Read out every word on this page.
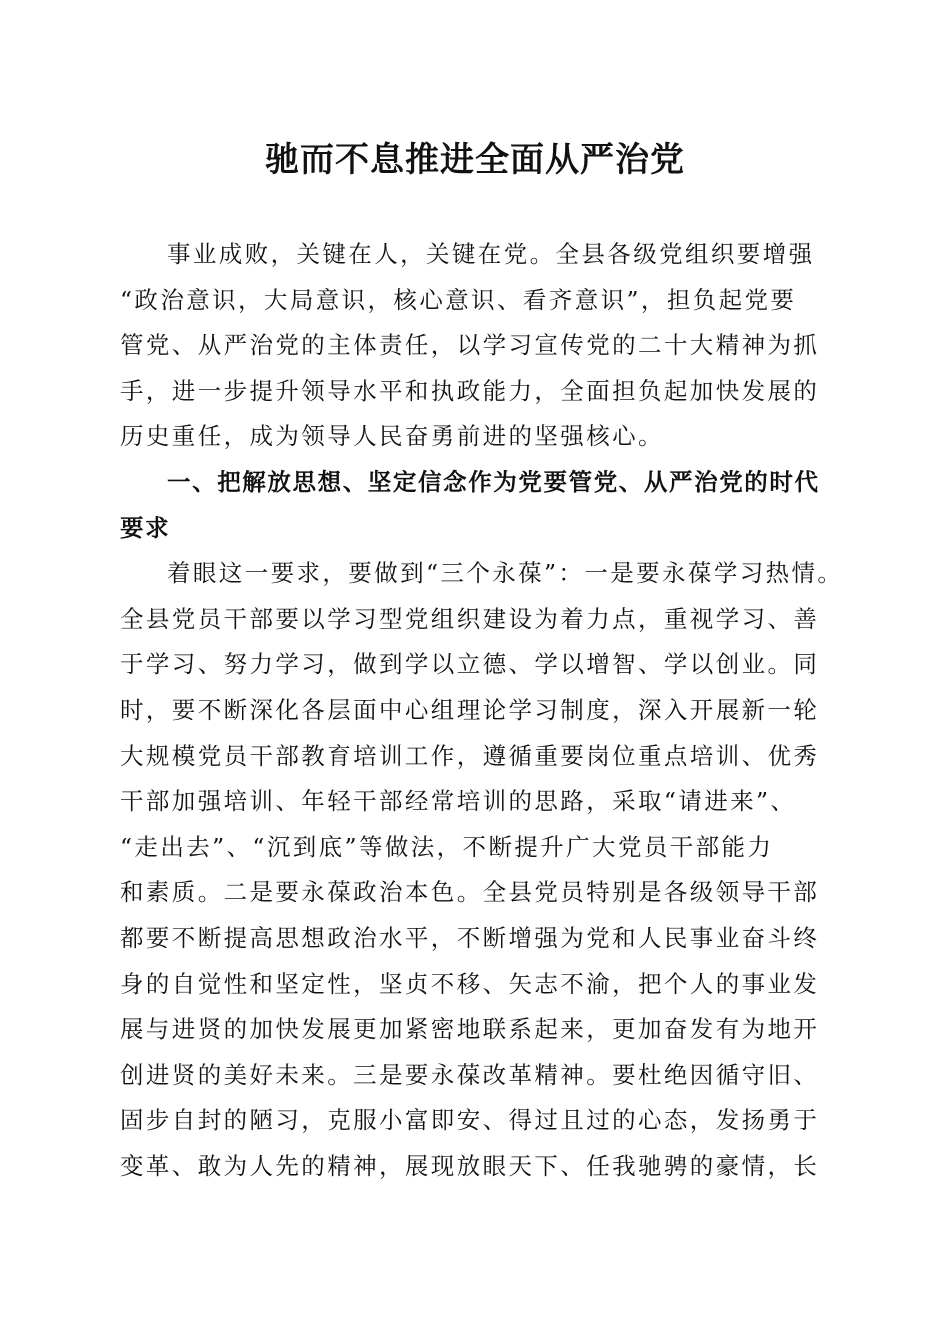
驰而不息推进全面从严治党

事业成败，关键在人，关键在党。全县各级党组织要增强
“政治意识，大局意识，核心意识、看齐意识”，担负起党要
管党、从严治党的主体责任，以学习宣传党的二十大精神为抓
手，进一步提升领导水平和执政能力，全面担负起加快发展的
历史重任，成为领导人民奋勇前进的坚强核心。

一、把解放思想、坚定信念作为党要管党、从严治党的时代
要求

着眼这一要求，要做到“三个永葆”：一是要永葆学习热情。
全县党员干部要以学习型党组织建设为着力点，重视学习、善
于学习、努力学习，做到学以立德、学以增智、学以创业。同
时，要不断深化各层面中心组理论学习制度，深入开展新一轮
大规模党员干部教育培训工作，遵循重要岗位重点培训、优秀
干部加强培训、年轻干部经常培训的思路，采取“请进来”、
“走出去”、“沉到底”等做法，不断提升广大党员干部能力
和素质。二是要永葆政治本色。全县党员特别是各级领导干部
都要不断提高思想政治水平，不断增强为党和人民事业奋斗终
身的自觉性和坚定性，坚贞不移、矢志不渝，把个人的事业发
展与进贤的加快发展更加紧密地联系起来，更加奋发有为地开
创进贤的美好未来。三是要永葆改革精神。要杜绝因循守旧、
固步自封的陋习，克服小富即安、得过且过的心态，发扬勇于
变革、敢为人先的精神，展现放眼天下、任我驰骋的豪情，长
